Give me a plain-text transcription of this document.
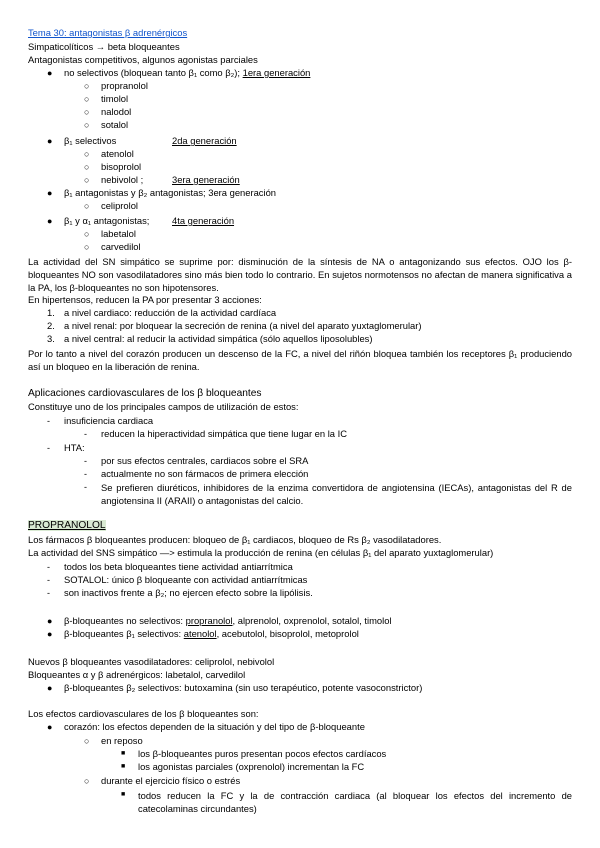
Tema 30: antagonistas β adrenérgicos
Simpaticolíticos → beta bloqueantes
Antagonistas competitivos, algunos agonistas parciales
● no selectivos (bloquean tanto β₁ como β₂); 1era generación
○ propranolol
○ timolol
○ nalodol
○ sotalol
● β₁ selectivos	2da generación
○ atenolol
○ bisoprolol
○ nebivolol ;	3era generación
● β₁ antagonistas y β₂ antagonistas; 3era generación
○ celiprolol
● β₁ y α₁ antagonistas; 4ta generación
○ labetalol
○ carvedilol
La actividad del SN simpático se suprime por: disminución de la síntesis de NA o antagonizando sus efectos. OJO los β-bloqueantes NO son vasodilatadores sino más bien todo lo contrario. En sujetos normotensos no afectan de manera significativa a la PA, los β-bloqueantes no son hipotensores.
En hipertensos, reducen la PA por presentar 3 acciones:
1. a nivel cardiaco: reducción de la actividad cardíaca
2. a nivel renal: por bloquear la secreción de renina (a nivel del aparato yuxtaglomerular)
3. a nivel central: al reducir la actividad simpática (sólo aquellos liposolubles)
Por lo tanto a nivel del corazón producen un descenso de la FC, a nivel del riñón bloquea también los receptores β₁ produciendo así un bloqueo en la liberación de renina.
Aplicaciones cardiovasculares de los β bloqueantes
Constituye uno de los principales campos de utilización de estos:
- insuficiencia cardiaca
- reducen la hiperactividad simpática que tiene lugar en la IC
- HTA:
- por sus efectos centrales, cardiacos sobre el SRA
- actualmente no son fármacos de primera elección
- Se prefieren diuréticos, inhibidores de la enzima convertidora de angiotensina (IECAs), antagonistas del R de angiotensina II (ARAII) o antagonistas del calcio.
PROPRANOLOL
Los fármacos β bloqueantes producen: bloqueo de β₁ cardiacos, bloqueo de Rs β₂ vasodilatadores.
La actividad del SNS simpático —> estimula la producción de renina (en células β₁ del aparato yuxtaglomerular)
- todos los beta bloqueantes tiene actividad antiarrítmica
- SOTALOL: único β bloqueante con actividad antiarrítmicas
- son inactivos frente a β₂; no ejercen efecto sobre la lipólisis.
● β-bloqueantes no selectivos: propranolol, alprenolol, oxprenolol, sotalol, timolol
● β-bloqueantes β₁ selectivos: atenolol, acebutolol, bisoprolol, metoprolol
Nuevos β bloqueantes vasodilatadores: celiprolol, nebivolol
Bloqueantes α y β adrenérgicos: labetalol, carvedilol
● β-bloqueantes β₂ selectivos: butoxamina (sin uso terapéutico, potente vasoconstrictor)
Los efectos cardiovasculares de los β bloqueantes son:
● corazón: los efectos dependen de la situación y del tipo de β-bloqueante
○ en reposo
■ los β-bloqueantes puros presentan pocos efectos cardíacos
■ los agonistas parciales (oxprenolol) incrementan la FC
○ durante el ejercicio físico o estrés
■ todos reducen la FC y la de contracción cardiaca (al bloquear los efectos del incremento de catecolaminas circundantes)
